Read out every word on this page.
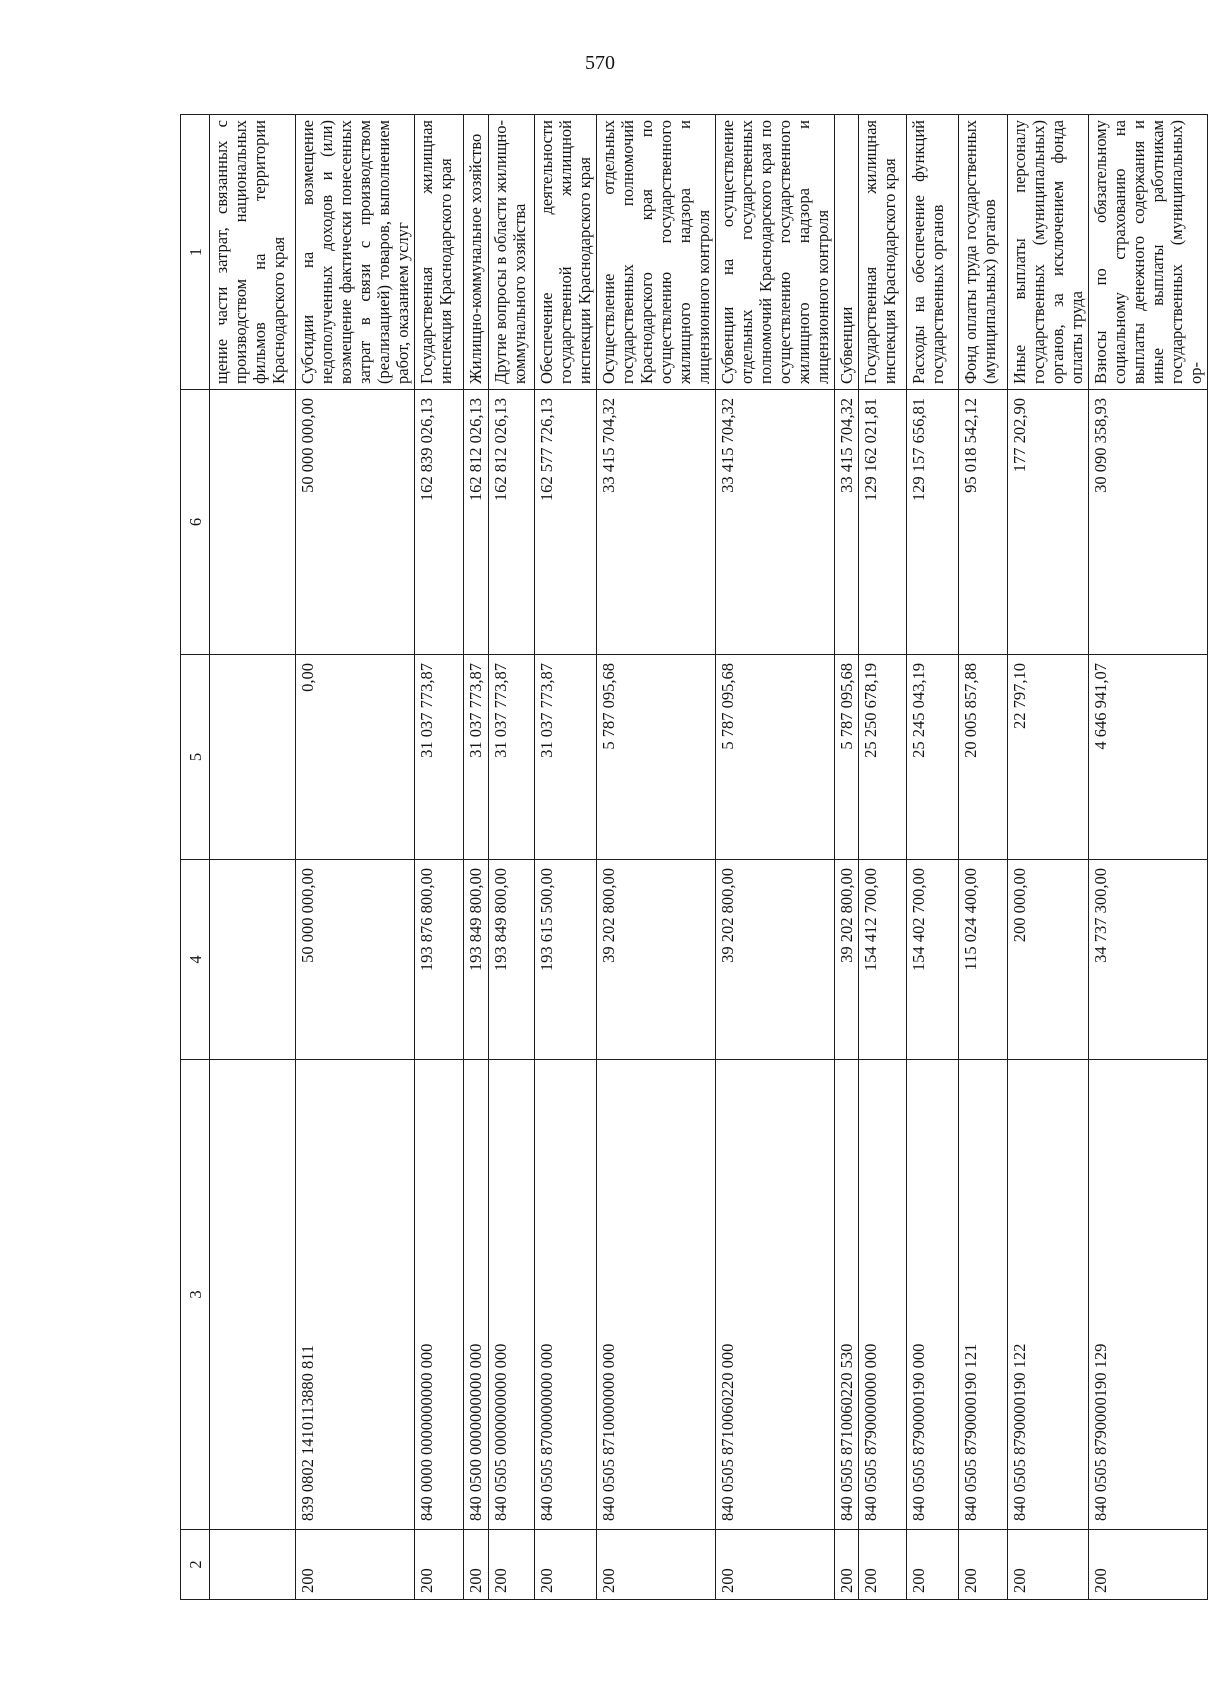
570
2	3	4	5	6	1
					щение части затрат, связанных с производством национальных фильмов на территории Краснодарского края
200	839 0802 1410113880 811	50 000 000,00	0,00	50 000 000,00	Субсидии на возмещение недополученных доходов и (или) возмещение фактически понесенных затрат в связи с производством (реализацией) товаров, выполнением работ, оказанием услуг
200	840 0000 0000000000 000	193 876 800,00	31 037 773,87	162 839 026,13	Государственная жилищная инспекция Краснодарского края
200	840 0500 0000000000 000	193 849 800,00	31 037 773,87	162 812 026,13	Жилищно-коммунальное хозяйство
200	840 0505 0000000000 000	193 849 800,00	31 037 773,87	162 812 026,13	Другие вопросы в области жилищно-коммунального хозяйства
200	840 0505 8700000000 000	193 615 500,00	31 037 773,87	162 577 726,13	Обеспечение деятельности государственной жилищной инспекции Краснодарского края
200	840 0505 8710000000 000	39 202 800,00	5 787 095,68	33 415 704,32	Осуществление отдельных государственных полномочий Краснодарского края по осуществлению государственного жилищного надзора и лицензионного контроля
200	840 0505 8710060220 000	39 202 800,00	5 787 095,68	33 415 704,32	Субвенции на осуществление отдельных государственных полномочий Краснодарского края по осуществлению государственного жилищного надзора и лицензионного контроля
200	840 0505 8710060220 530	39 202 800,00	5 787 095,68	33 415 704,32	Субвенции
200	840 0505 8790000000 000	154 412 700,00	25 250 678,19	129 162 021,81	Государственная жилищная инспекция Краснодарского края
200	840 0505 8790000190 000	154 402 700,00	25 245 043,19	129 157 656,81	Расходы на обеспечение функций государственных органов
200	840 0505 8790000190 121	115 024 400,00	20 005 857,88	95 018 542,12	Фонд оплаты труда государственных (муниципальных) органов
200	840 0505 8790000190 122	200 000,00	22 797,10	177 202,90	Иные выплаты персоналу государственных (муниципальных) органов, за исключением фонда оплаты труда
200	840 0505 8790000190 129	34 737 300,00	4 646 941,07	30 090 358,93	Взносы по обязательному социальному страхованию на выплаты денежного содержания и иные выплаты работникам государственных (муниципальных) ор-
